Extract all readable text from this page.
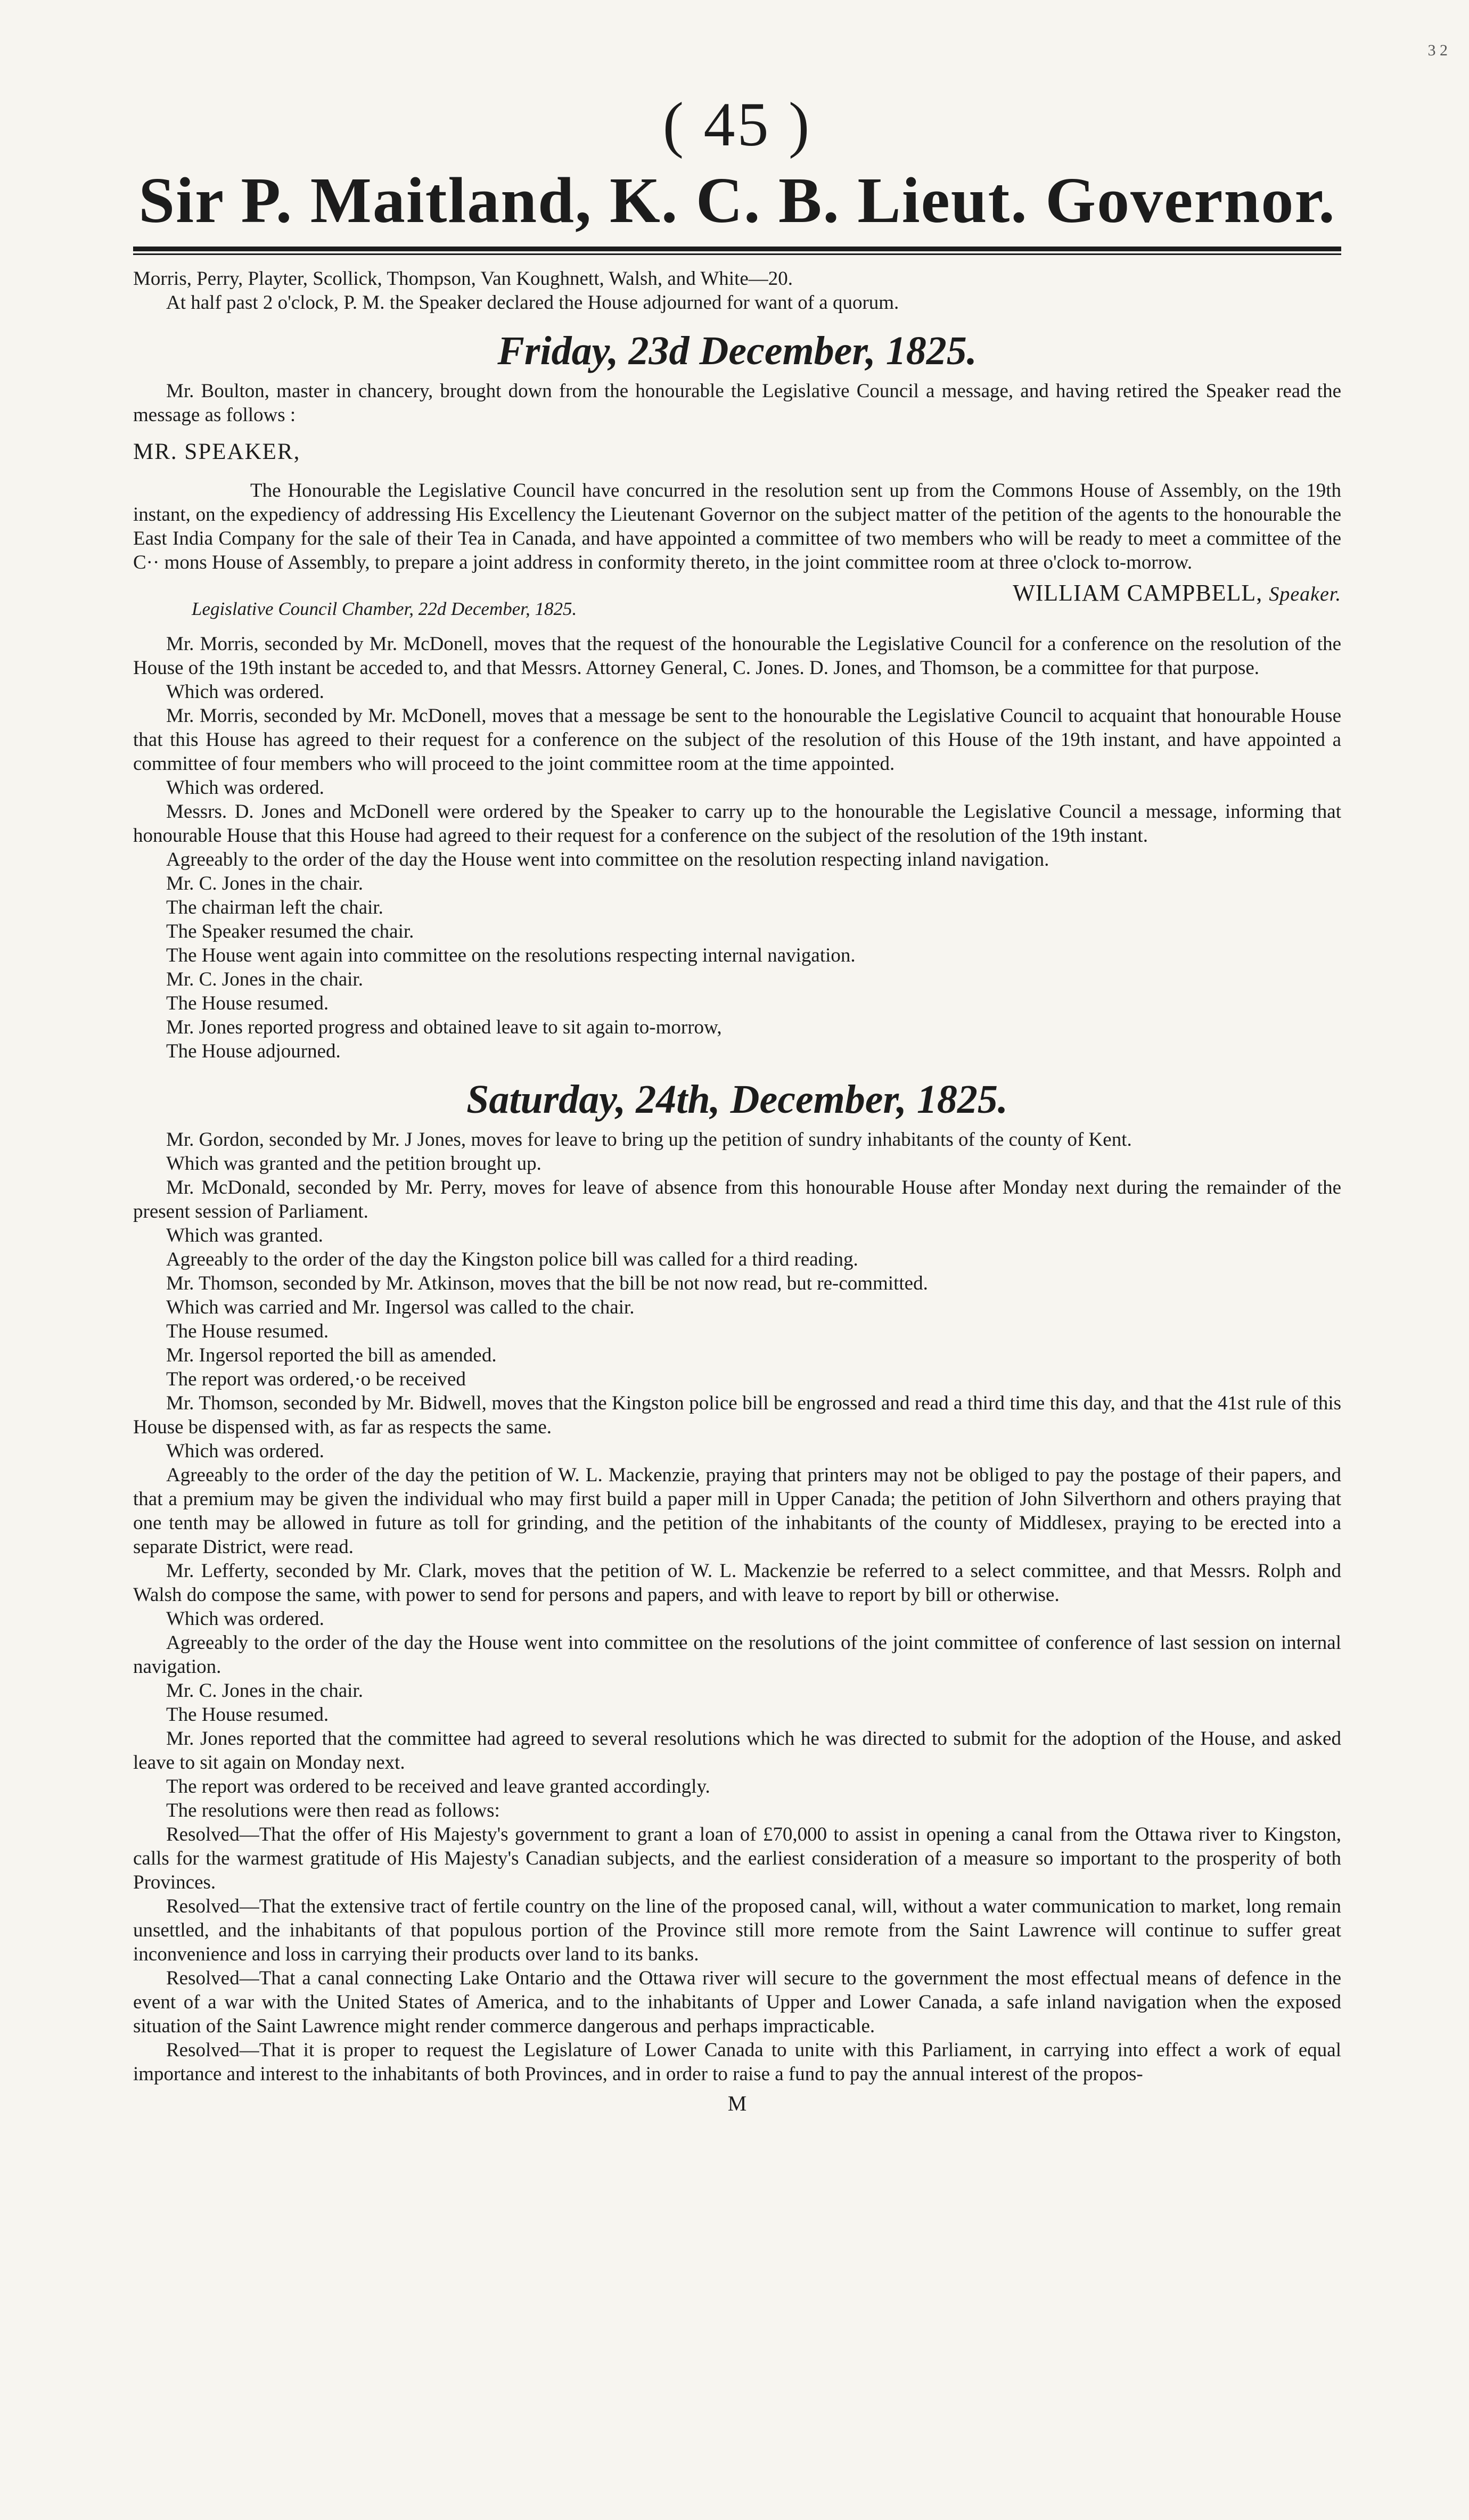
3 2
( 45 )
Sir P. Maitland, K. C. B. Lieut. Governor.

Morris, Perry, Playter, Scollick, Thompson, Van Koughnett, Walsh, and White—20.

At half past 2 o'clock, P. M. the Speaker declared the House adjourned for want of a quorum.

Friday, 23d December, 1825.

Mr. Boulton, master in chancery, brought down from the honourable the Legislative Council a message, and having retired the Speaker read the message as follows :

MR. SPEAKER,

The Honourable the Legislative Council have concurred in the resolution sent up from the Commons House of Assembly, on the 19th instant, on the expediency of addressing His Excellency the Lieutenant Governor on the subject matter of the petition of the agents to the honourable the East India Company for the sale of their Tea in Canada, and have appointed a committee of two members who will be ready to meet a committee of the C·· mons House of Assembly, to prepare a joint address in conformity thereto, in the joint committee room at three o'clock to-morrow.

Legislative Council Chamber, 22d December, 1825.
WILLIAM CAMPBELL, Speaker.

Mr. Morris, seconded by Mr. McDonell, moves that the request of the honourable the Legislative Council for a conference on the resolution of the House of the 19th instant be acceded to, and that Messrs. Attorney General, C. Jones. D. Jones, and Thomson, be a committee for that purpose.

Which was ordered.

Mr. Morris, seconded by Mr. McDonell, moves that a message be sent to the honourable the Legislative Council to acquaint that honourable House that this House has agreed to their request for a conference on the subject of the resolution of this House of the 19th instant, and have appointed a committee of four members who will proceed to the joint committee room at the time appointed.

Which was ordered.

Messrs. D. Jones and McDonell were ordered by the Speaker to carry up to the honourable the Legislative Council a message, informing that honourable House that this House had agreed to their request for a conference on the subject of the resolution of the 19th instant.

Agreeably to the order of the day the House went into committee on the resolution respecting inland navigation.

Mr. C. Jones in the chair.

The chairman left the chair.

The Speaker resumed the chair.

The House went again into committee on the resolutions respecting internal navigation.

Mr. C. Jones in the chair.

The House resumed.

Mr. Jones reported progress and obtained leave to sit again to-morrow,

The House adjourned.

Saturday, 24th, December, 1825.

Mr. Gordon, seconded by Mr. J Jones, moves for leave to bring up the petition of sundry inhabitants of the county of Kent.

Which was granted and the petition brought up.

Mr. McDonald, seconded by Mr. Perry, moves for leave of absence from this honourable House after Monday next during the remainder of the present session of Parliament.

Which was granted.

Agreeably to the order of the day the Kingston police bill was called for a third reading.

Mr. Thomson, seconded by Mr. Atkinson, moves that the bill be not now read, but re-committed.

Which was carried and Mr. Ingersol was called to the chair.

The House resumed.

Mr. Ingersol reported the bill as amended.

The report was ordered,·o be received

Mr. Thomson, seconded by Mr. Bidwell, moves that the Kingston police bill be engrossed and read a third time this day, and that the 41st rule of this House be dispensed with, as far as respects the same.

Which was ordered.

Agreeably to the order of the day the petition of W. L. Mackenzie, praying that printers may not be obliged to pay the postage of their papers, and that a premium may be given the individual who may first build a paper mill in Upper Canada; the petition of John Silverthorn and others praying that one tenth may be allowed in future as toll for grinding, and the petition of the inhabitants of the county of Middlesex, praying to be erected into a separate District, were read.

Mr. Lefferty, seconded by Mr. Clark, moves that the petition of W. L. Mackenzie be referred to a select committee, and that Messrs. Rolph and Walsh do compose the same, with power to send for persons and papers, and with leave to report by bill or otherwise.

Which was ordered.

Agreeably to the order of the day the House went into committee on the resolutions of the joint committee of conference of last session on internal navigation.

Mr. C. Jones in the chair.

The House resumed.

Mr. Jones reported that the committee had agreed to several resolutions which he was directed to submit for the adoption of the House, and asked leave to sit again on Monday next.

The report was ordered to be received and leave granted accordingly.

The resolutions were then read as follows:

Resolved—That the offer of His Majesty's government to grant a loan of £70,000 to assist in opening a canal from the Ottawa river to Kingston, calls for the warmest gratitude of His Majesty's Canadian subjects, and the earliest consideration of a measure so important to the prosperity of both Provinces.

Resolved—That the extensive tract of fertile country on the line of the proposed canal, will, without a water communication to market, long remain unsettled, and the inhabitants of that populous portion of the Province still more remote from the Saint Lawrence will continue to suffer great inconvenience and loss in carrying their products over land to its banks.

Resolved—That a canal connecting Lake Ontario and the Ottawa river will secure to the government the most effectual means of defence in the event of a war with the United States of America, and to the inhabitants of Upper and Lower Canada, a safe inland navigation when the exposed situation of the Saint Lawrence might render commerce dangerous and perhaps impracticable.

Resolved—That it is proper to request the Legislature of Lower Canada to unite with this Parliament, in carrying into effect a work of equal importance and interest to the inhabitants of both Provinces, and in order to raise a fund to pay the annual interest of the propos-

M
